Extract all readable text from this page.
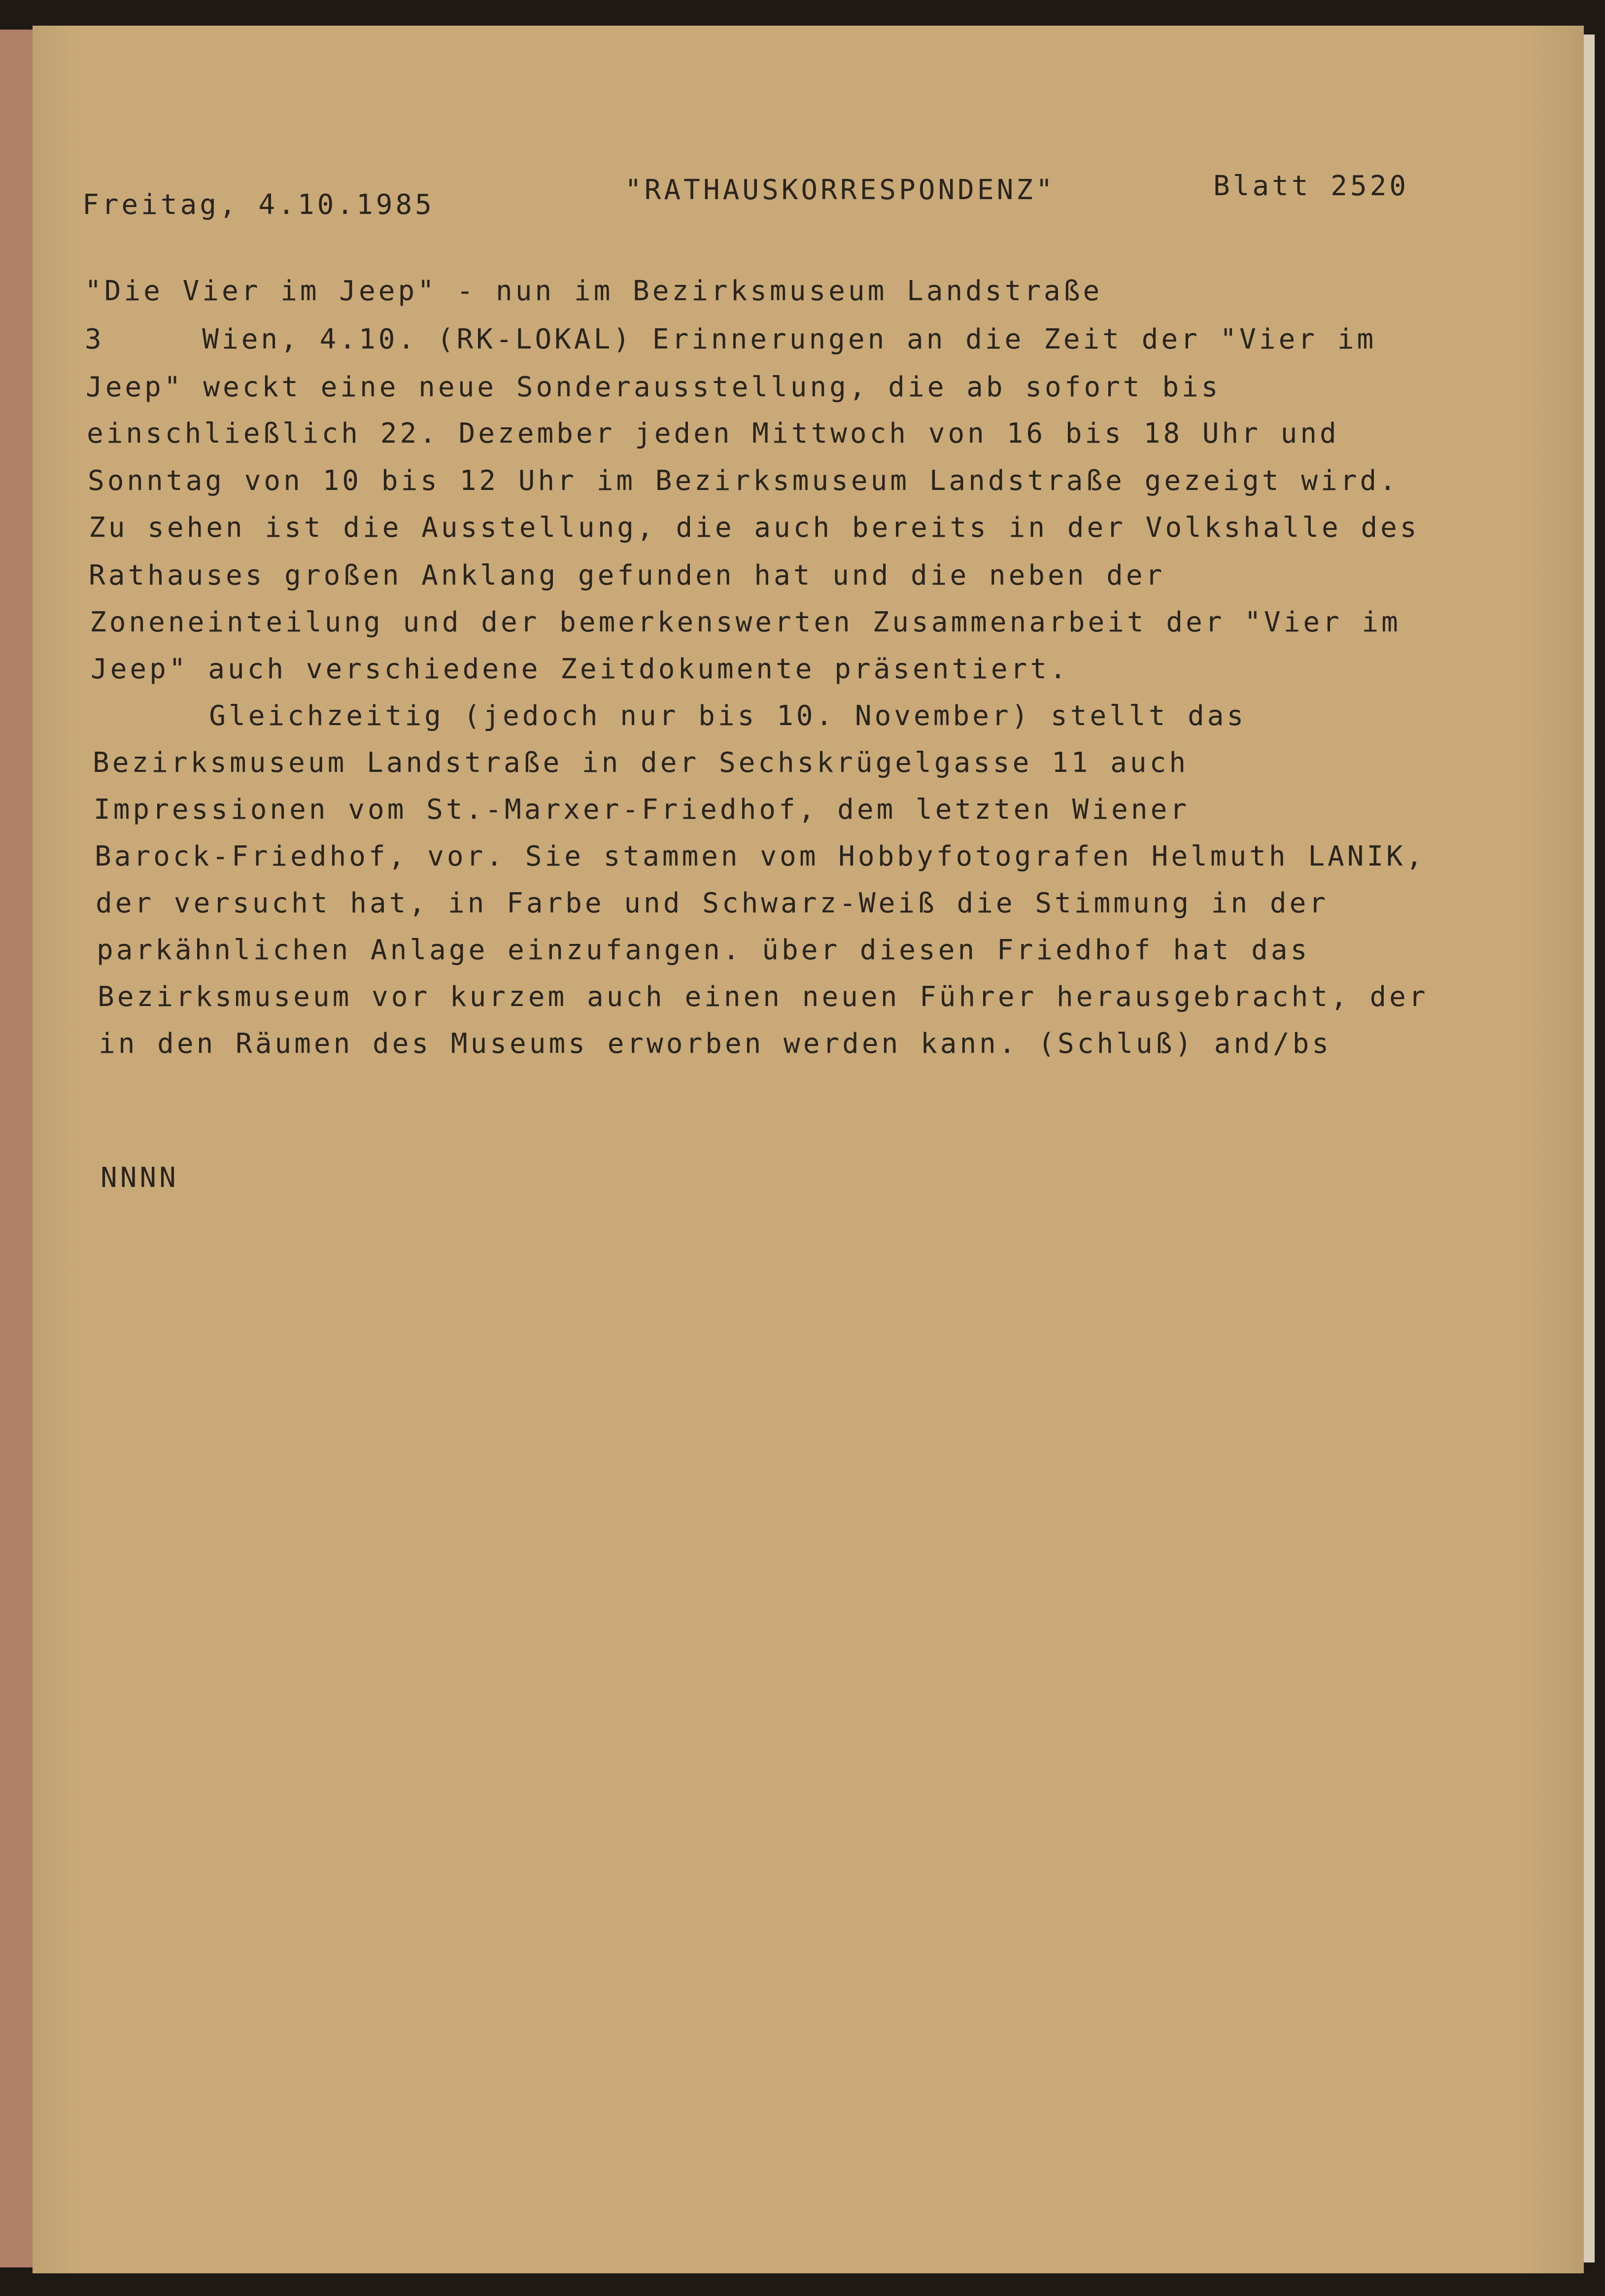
Freitag, 4.10.1985	"RATHAUSKORRESPONDENZ"	Blatt 2520
"Die Vier im Jeep" - nun im Bezirksmuseum Landstraße
3     Wien, 4.10. (RK-LOKAL) Erinnerungen an die Zeit der "Vier im
Jeep" weckt eine neue Sonderausstellung, die ab sofort bis
einschließlich 22. Dezember jeden Mittwoch von 16 bis 18 Uhr und
Sonntag von 10 bis 12 Uhr im Bezirksmuseum Landstraße gezeigt wird.
Zu sehen ist die Ausstellung, die auch bereits in der Volkshalle des
Rathauses großen Anklang gefunden hat und die neben der
Zoneneinteilung und der bemerkenswerten Zusammenarbeit der "Vier im
Jeep" auch verschiedene Zeitdokumente präsentiert.
Gleichzeitig (jedoch nur bis 10. November) stellt das
Bezirksmuseum Landstraße in der Sechskrügelgasse 11 auch
Impressionen vom St.-Marxer-Friedhof, dem letzten Wiener
Barock-Friedhof, vor. Sie stammen vom Hobbyfotografen Helmuth LANIK,
der versucht hat, in Farbe und Schwarz-Weiß die Stimmung in der
parkähnlichen Anlage einzufangen. über diesen Friedhof hat das
Bezirksmuseum vor kurzem auch einen neuen Führer herausgebracht, der
in den Räumen des Museums erworben werden kann. (Schluß) and/bs
NNNN
